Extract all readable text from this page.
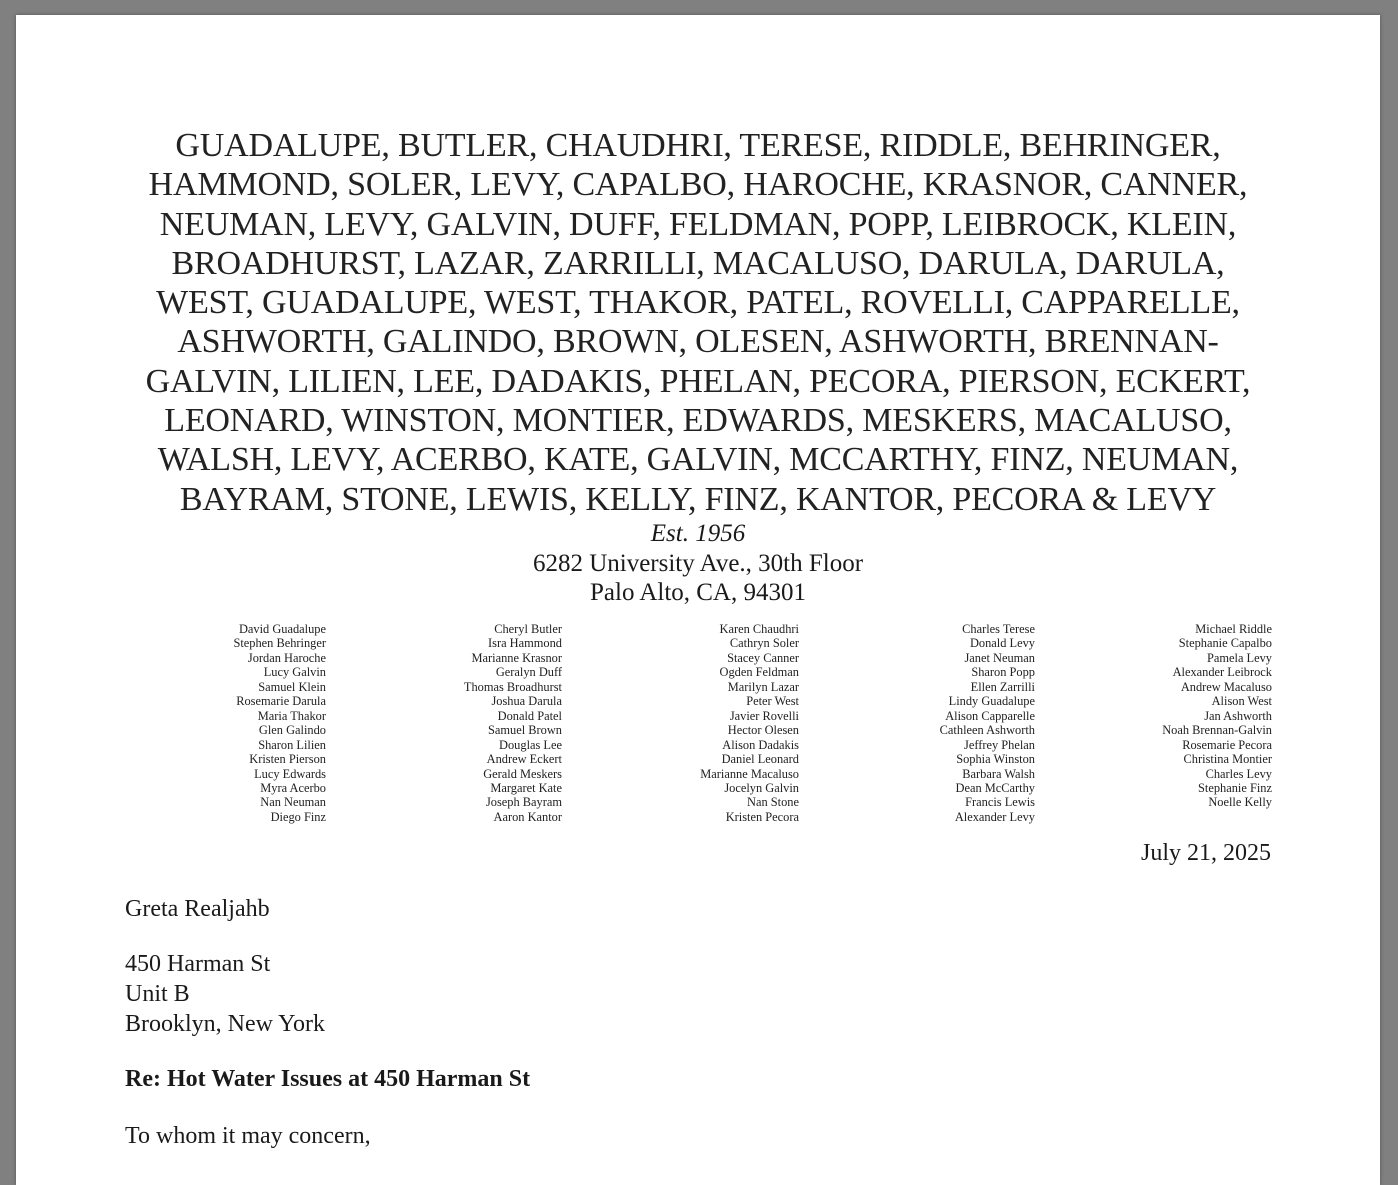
GUADALUPE, BUTLER, CHAUDHRI, TERESE, RIDDLE, BEHRINGER,
HAMMOND, SOLER, LEVY, CAPALBO, HAROCHE, KRASNOR, CANNER,
NEUMAN, LEVY, GALVIN, DUFF, FELDMAN, POPP, LEIBROCK, KLEIN,
BROADHURST, LAZAR, ZARRILLI, MACALUSO, DARULA, DARULA,
WEST, GUADALUPE, WEST, THAKOR, PATEL, ROVELLI, CAPPARELLE,
ASHWORTH, GALINDO, BROWN, OLESEN, ASHWORTH, BRENNAN-
GALVIN, LILIEN, LEE, DADAKIS, PHELAN, PECORA, PIERSON, ECKERT,
LEONARD, WINSTON, MONTIER, EDWARDS, MESKERS, MACALUSO,
WALSH, LEVY, ACERBO, KATE, GALVIN, MCCARTHY, FINZ, NEUMAN,
BAYRAM, STONE, LEWIS, KELLY, FINZ, KANTOR, PECORA & LEVY
Est. 1956
6282 University Ave., 30th Floor
Palo Alto, CA, 94301
David Guadalupe
Stephen Behringer
Jordan Haroche
Lucy Galvin
Samuel Klein
Rosemarie Darula
Maria Thakor
Glen Galindo
Sharon Lilien
Kristen Pierson
Lucy Edwards
Myra Acerbo
Nan Neuman
Diego Finz
Cheryl Butler
Isra Hammond
Marianne Krasnor
Geralyn Duff
Thomas Broadhurst
Joshua Darula
Donald Patel
Samuel Brown
Douglas Lee
Andrew Eckert
Gerald Meskers
Margaret Kate
Joseph Bayram
Aaron Kantor
Karen Chaudhri
Cathryn Soler
Stacey Canner
Ogden Feldman
Marilyn Lazar
Peter West
Javier Rovelli
Hector Olesen
Alison Dadakis
Daniel Leonard
Marianne Macaluso
Jocelyn Galvin
Nan Stone
Kristen Pecora
Charles Terese
Donald Levy
Janet Neuman
Sharon Popp
Ellen Zarrilli
Lindy Guadalupe
Alison Capparelle
Cathleen Ashworth
Jeffrey Phelan
Sophia Winston
Barbara Walsh
Dean McCarthy
Francis Lewis
Alexander Levy
Michael Riddle
Stephanie Capalbo
Pamela Levy
Alexander Leibrock
Andrew Macaluso
Alison West
Jan Ashworth
Noah Brennan-Galvin
Rosemarie Pecora
Christina Montier
Charles Levy
Stephanie Finz
Noelle Kelly
July 21, 2025
Greta Realjahb
450 Harman St
Unit B
Brooklyn, New York
Re: Hot Water Issues at 450 Harman St
To whom it may concern,
